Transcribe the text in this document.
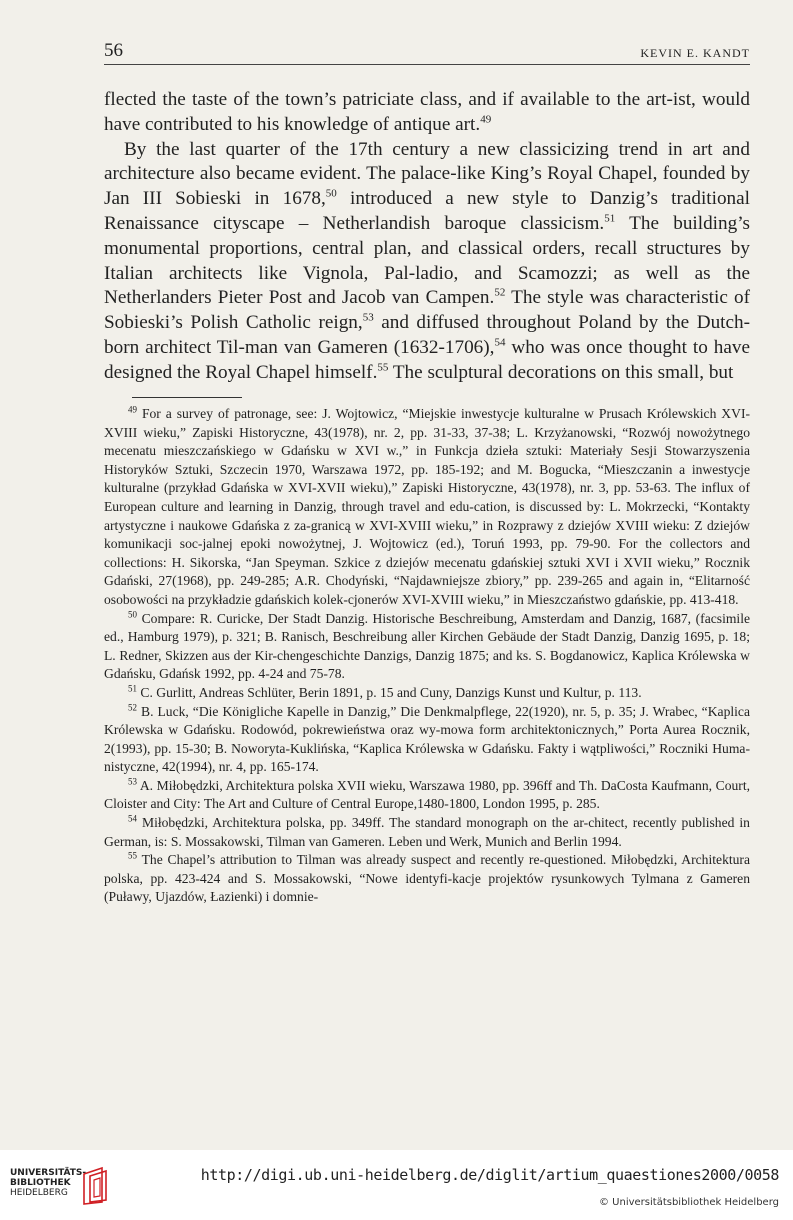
56	KEVIN E. KANDT

flected the taste of the town’s patriciate class, and if available to the art-ist, would have contributed to his knowledge of antique art.$^{49}$

By the last quarter of the 17th century a new classicizing trend in art and architecture also became evident. The palace-like King’s Royal Chapel, founded by Jan III Sobieski in 1678,50 introduced a new style to Danzig’s traditional Renaissance cityscape – Netherlandish baroque classicism.$^{51}$ The building’s monumental proportions, central plan, and classical orders, recall structures by Italian architects like Vignola, Pal-ladio, and Scamozzi; as well as the Netherlanders Pieter Post and Jacob van Campen.$^{52}$ The style was characteristic of Sobieski’s Polish Catholic reign,$^{53}$ and diffused throughout Poland by the Dutch-born architect Til-man van Gameren (1632-1706),$^{54}$ who was once thought to have designed the Royal Chapel himself.$^{55}$ The sculptural decorations on this small, but

$^{49}$ For a survey of patronage, see: J. Wojtowicz, “Miejskie inwestycje kulturalne w Prusach Królewskich XVI-XVIII wieku,” Zapiski Historyczne, 43(1978), nr. 2, pp. 31-33, 37-38; L. Krzyżanowski, “Rozwój nowożytnego mecenatu mieszczańskiego w Gdańsku w XVI w.,” in Funkcja dzieła sztuki: Materiały Sesji Stowarzyszenia Historyków Sztuki, Szczecin 1970, Warszawa 1972, pp. 185-192; and M. Bogucka, “Mieszczanin a inwestycje kulturalne (przykład Gdańska w XVI-XVII wieku),” Zapiski Historyczne, 43(1978), nr. 3, pp. 53-63. The influx of European culture and learning in Danzig, through travel and edu-cation, is discussed by: L. Mokrzecki, “Kontakty artystyczne i naukowe Gdańska z za-granicą w XVI-XVIII wieku,” in Rozprawy z dziejów XVIII wieku: Z dziejów komunikacji soc-jalnej epoki nowożytnej, J. Wojtowicz (ed.), Toruń 1993, pp. 79-90. For the collectors and collections: H. Sikorska, “Jan Speyman. Szkice z dziejów mecenatu gdańskiej sztuki XVI i XVII wieku,” Rocznik Gdański, 27(1968), pp. 249-285; A.R. Chodyński, “Najdawniejsze zbiory,” pp. 239-265 and again in, “Elitarność osobowości na przykładzie gdańskich kolek-cjonerów XVI-XVIII wieku,” in Mieszczaństwo gdańskie, pp. 413-418.

$^{50}$ Compare: R. Curicke, Der Stadt Danzig. Historische Beschreibung, Amsterdam and Danzig, 1687, (facsimile ed., Hamburg 1979), p. 321; B. Ranisch, Beschreibung aller Kirchen Gebäude der Stadt Danzig, Danzig 1695, p. 18; L. Redner, Skizzen aus der Kir-chengeschichte Danzigs, Danzig 1875; and ks. S. Bogdanowicz, Kaplica Królewska w Gdańsku, Gdańsk 1992, pp. 4-24 and 75-78.

$^{51}$ C. Gurlitt, Andreas Schlüter, Berin 1891, p. 15 and Cuny, Danzigs Kunst und Kultur, p. 113.

$^{52}$ B. Luck, “Die Königliche Kapelle in Danzig,” Die Denkmalpflege, 22(1920), nr. 5, p. 35; J. Wrabec, “Kaplica Królewska w Gdańsku. Rodowód, pokrewieństwa oraz wy-mowa form architektonicznych,” Porta Aurea Rocznik, 2(1993), pp. 15-30; B. Noworyta-Kuklińska, “Kaplica Królewska w Gdańsku. Fakty i wątpliwości,” Roczniki Huma-nistyczne, 42(1994), nr. 4, pp. 165-174.

$^{53}$ A. Miłobędzki, Architektura polska XVII wieku, Warszawa 1980, pp. 396ff and Th. DaCosta Kaufmann, Court, Cloister and City: The Art and Culture of Central Europe,1480-1800, London 1995, p. 285.

$^{54}$ Miłobędzki, Architektura polska, pp. 349ff. The standard monograph on the ar-chitect, recently published in German, is: S. Mossakowski, Tilman van Gameren. Leben und Werk, Munich and Berlin 1994.

$^{55}$ The Chapel’s attribution to Tilman was already suspect and recently re-questioned. Miłobędzki, Architektura polska, pp. 423-424 and S. Mossakowski, “Nowe identyfi-kacje projektów rysunkowych Tylmana z Gameren (Puławy, Ujazdów, Łazienki) i domnie-

UNIVERSITÄTS-
BIBLIOTHEK
HEIDELBERG
http://digi.ub.uni-heidelberg.de/diglit/artium_quaestiones2000/0058
© Universitätsbibliothek Heidelberg
